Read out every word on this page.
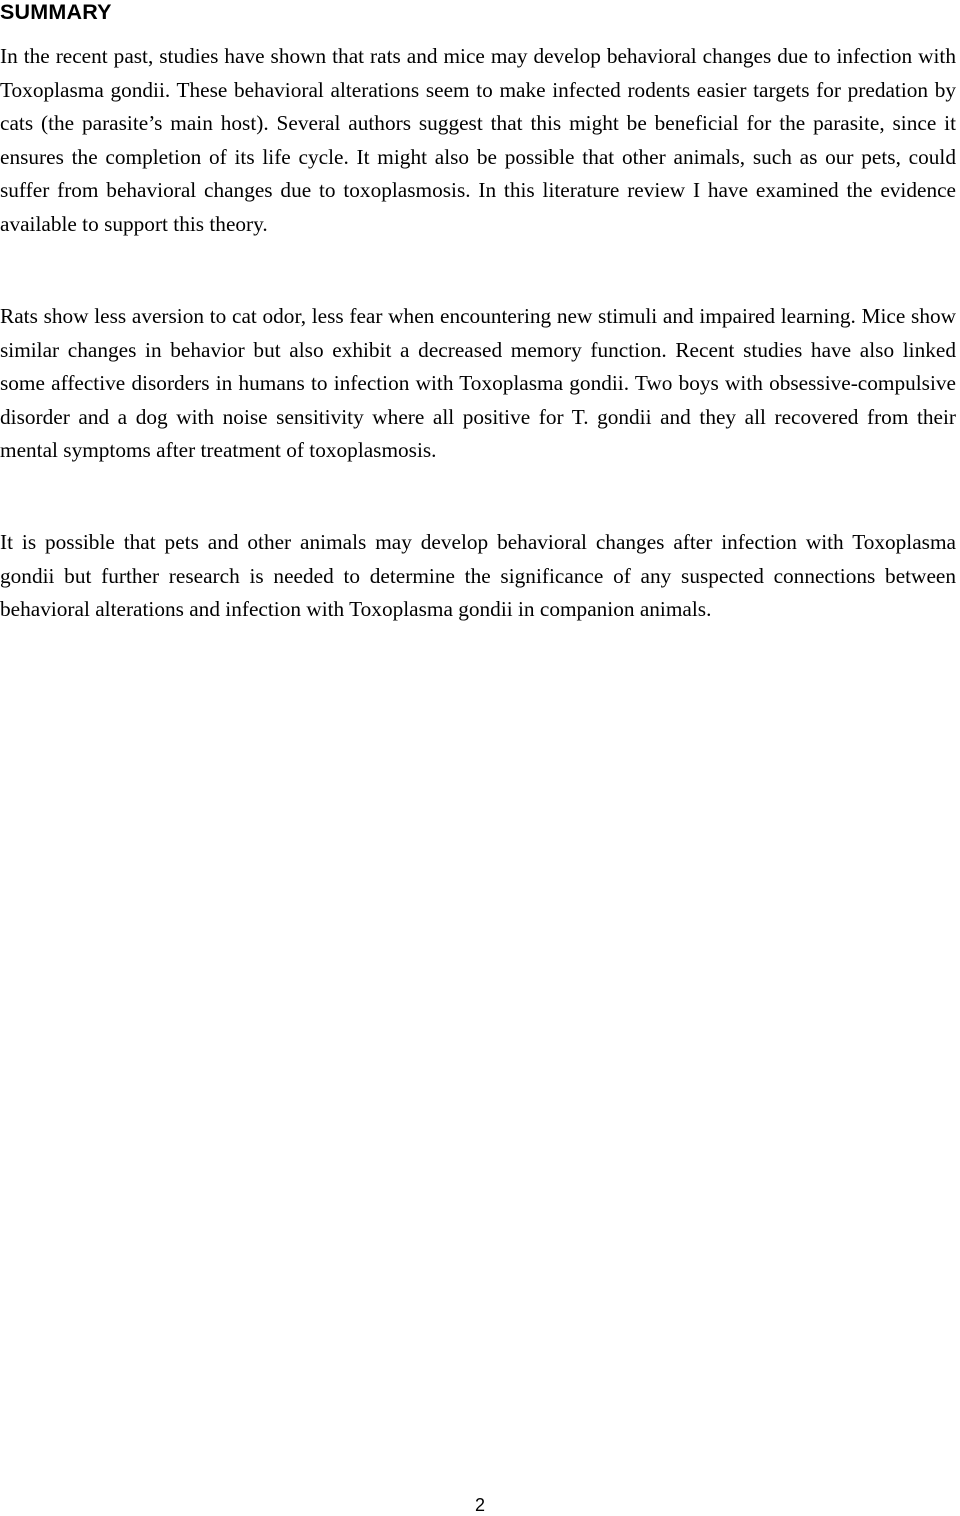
SUMMARY

In the recent past, studies have shown that rats and mice may develop behavioral changes due to infection with Toxoplasma gondii. These behavioral alterations seem to make infected rodents easier targets for predation by cats (the parasite’s main host). Several authors suggest that this might be beneficial for the parasite, since it ensures the completion of its life cycle. It might also be possible that other animals, such as our pets, could suffer from behavioral changes due to toxoplasmosis. In this literature review I have examined the evidence available to support this theory.

Rats show less aversion to cat odor, less fear when encountering new stimuli and impaired learning. Mice show similar changes in behavior but also exhibit a decreased memory function. Recent studies have also linked some affective disorders in humans to infection with Toxoplasma gondii. Two boys with obsessive-compulsive disorder and a dog with noise sensitivity where all positive for T. gondii and they all recovered from their mental symptoms after treatment of toxoplasmosis.

It is possible that pets and other animals may develop behavioral changes after infection with Toxoplasma gondii but further research is needed to determine the significance of any suspected connections between behavioral alterations and infection with Toxoplasma gondii in companion animals.

2
